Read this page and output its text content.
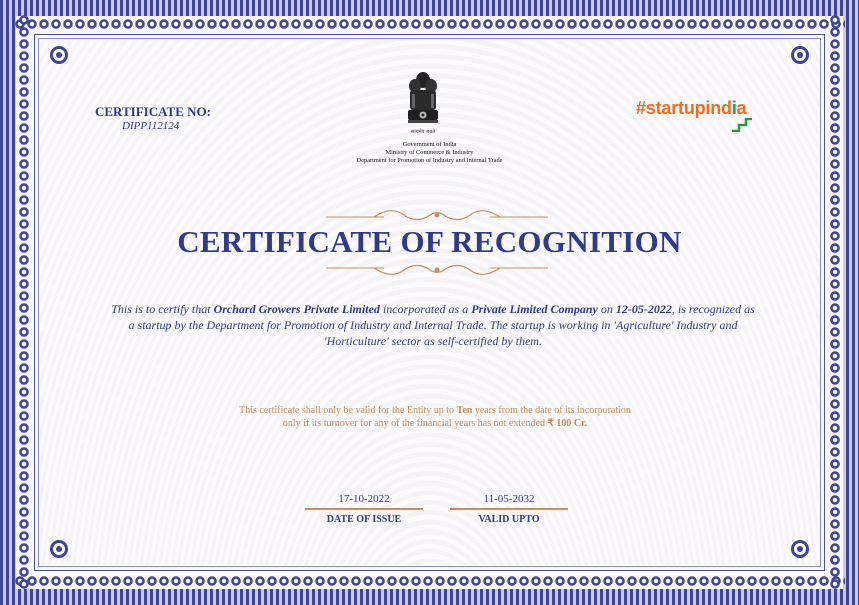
सत्यमेव जयते
Government of India
Ministry of Commerce & Industry
Department for Promotion of Industry and Internal Trade
CERTIFICATE NO:
DIPP112124
#startupindia
CERTIFICATE OF RECOGNITION
This is to certify that Orchard Growers Private Limited incorporated as a Private Limited Company on 12-05-2022, is recognized as a startup by the Department for Promotion of Industry and Internal Trade. The startup is working in 'Agriculture' Industry and 'Horticulture' sector as self-certified by them.
This certificate shall only be valid for the Entity up to Ten years from the date of its incorporation
only if its turnover for any of the financial years has not extended ₹ 100 Cr.
17-10-2022
DATE OF ISSUE
11-05-2032
VALID UPTO
